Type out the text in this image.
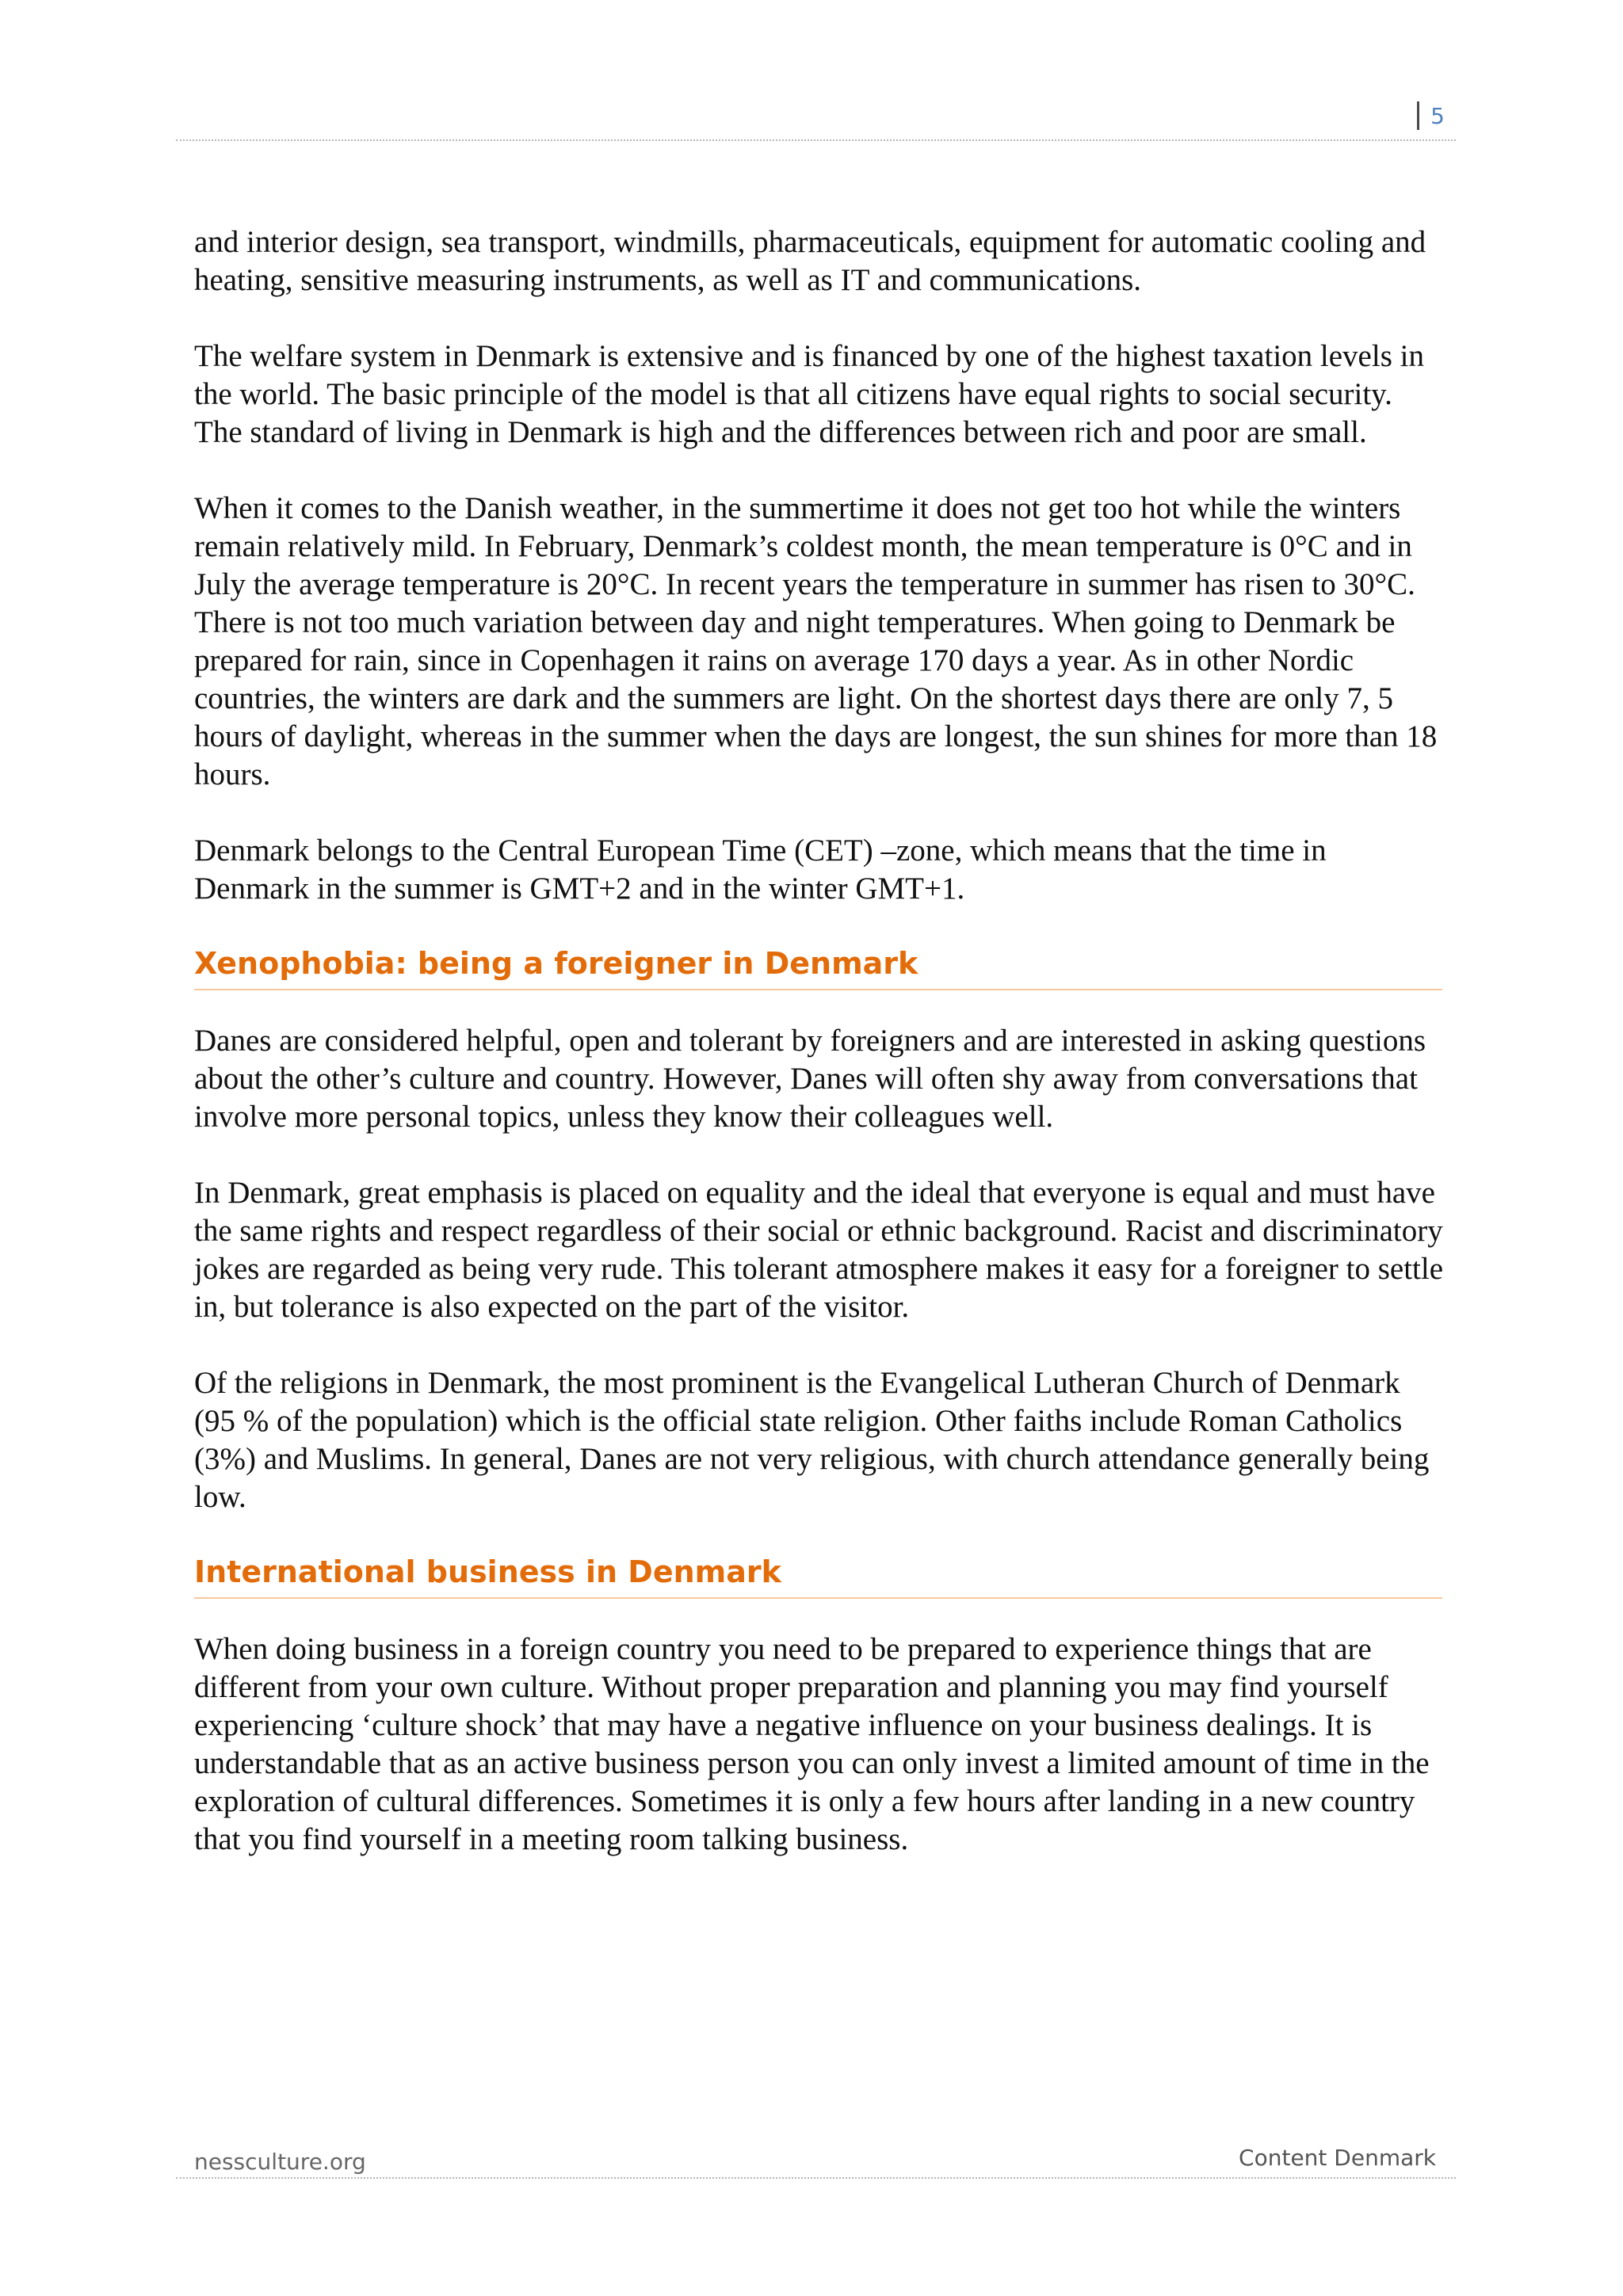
5

and interior design, sea transport, windmills, pharmaceuticals, equipment for automatic cooling and heating, sensitive measuring instruments, as well as IT and communications.

The welfare system in Denmark is extensive and is financed by one of the highest taxation levels in the world. The basic principle of the model is that all citizens have equal rights to social security. The standard of living in Denmark is high and the differences between rich and poor are small.

When it comes to the Danish weather, in the summertime it does not get too hot while the winters remain relatively mild. In February, Denmark’s coldest month, the mean temperature is 0°C and in July the average temperature is 20°C. In recent years the temperature in summer has risen to 30°C. There is not too much variation between day and night temperatures. When going to Denmark be prepared for rain, since in Copenhagen it rains on average 170 days a year. As in other Nordic countries, the winters are dark and the summers are light. On the shortest days there are only 7, 5 hours of daylight, whereas in the summer when the days are longest, the sun shines for more than 18 hours.

Denmark belongs to the Central European Time (CET) –zone, which means that the time in Denmark in the summer is GMT+2 and in the winter GMT+1.

Xenophobia: being a foreigner in Denmark

Danes are considered helpful, open and tolerant by foreigners and are interested in asking questions about the other’s culture and country. However, Danes will often shy away from conversations that involve more personal topics, unless they know their colleagues well.

In Denmark, great emphasis is placed on equality and the ideal that everyone is equal and must have the same rights and respect regardless of their social or ethnic background. Racist and discriminatory jokes are regarded as being very rude. This tolerant atmosphere makes it easy for a foreigner to settle in, but tolerance is also expected on the part of the visitor.

Of the religions in Denmark, the most prominent is the Evangelical Lutheran Church of Denmark (95 % of the population) which is the official state religion. Other faiths include Roman Catholics (3%) and Muslims. In general, Danes are not very religious, with church attendance generally being low.

International business in Denmark

When doing business in a foreign country you need to be prepared to experience things that are different from your own culture. Without proper preparation and planning you may find yourself experiencing ‘culture shock’ that may have a negative influence on your business dealings. It is understandable that as an active business person you can only invest a limited amount of time in the exploration of cultural differences. Sometimes it is only a few hours after landing in a new country that you find yourself in a meeting room talking business.

nessculture.org	Content Denmark
